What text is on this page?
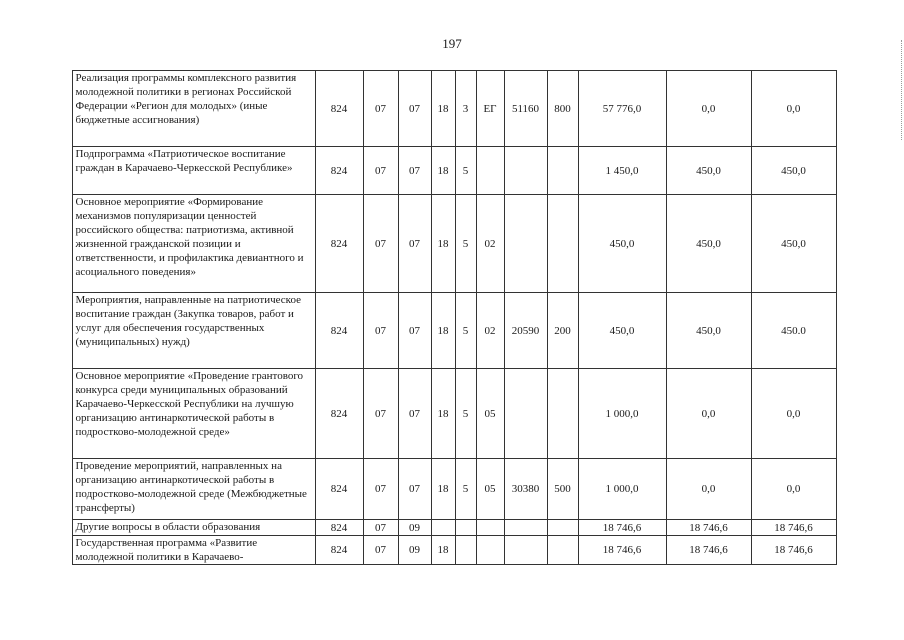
197
	Реализация программы комплексного развития молодежной политики в регионах Российской Федерации «Регион для молодых» (иные бюджетные ассигнования)	824	07	07	18	3	ЕГ	51160	800	57 776,0	0,0	0,0
	Подпрограмма «Патриотическое воспитание граждан в Карачаево-Черкесской Республике»	824	07	07	18	5				1 450,0	450,0	450,0
	Основное мероприятие «Формирование механизмов популяризации ценностей российского общества: патриотизма, активной жизненной гражданской позиции и ответственности, и профилактика девиантного и асоциального поведения»	824	07	07	18	5	02			450,0	450,0	450,0
	Мероприятия, направленные на патриотическое воспитание граждан (Закупка товаров, работ и услуг для обеспечения государственных (муниципальных) нужд)	824	07	07	18	5	02	20590	200	450,0	450,0	450.0
	Основное мероприятие «Проведение грантового конкурса среди муниципальных образований Карачаево-Черкесской Республики на лучшую организацию антинаркотической работы в подростково-молодежной среде»	824	07	07	18	5	05			1 000,0	0,0	0,0
	Проведение мероприятий, направленных на организацию антинаркотической работы в подростково-молодежной среде (Межбюджетные трансферты)	824	07	07	18	5	05	30380	500	1 000,0	0,0	0,0
	Другие вопросы в области образования	824	07	09						18 746,6	18 746,6	18 746,6
	Государственная программа «Развитие молодежной политики в Карачаево-	824	07	09	18					18 746,6	18 746,6	18 746,6
